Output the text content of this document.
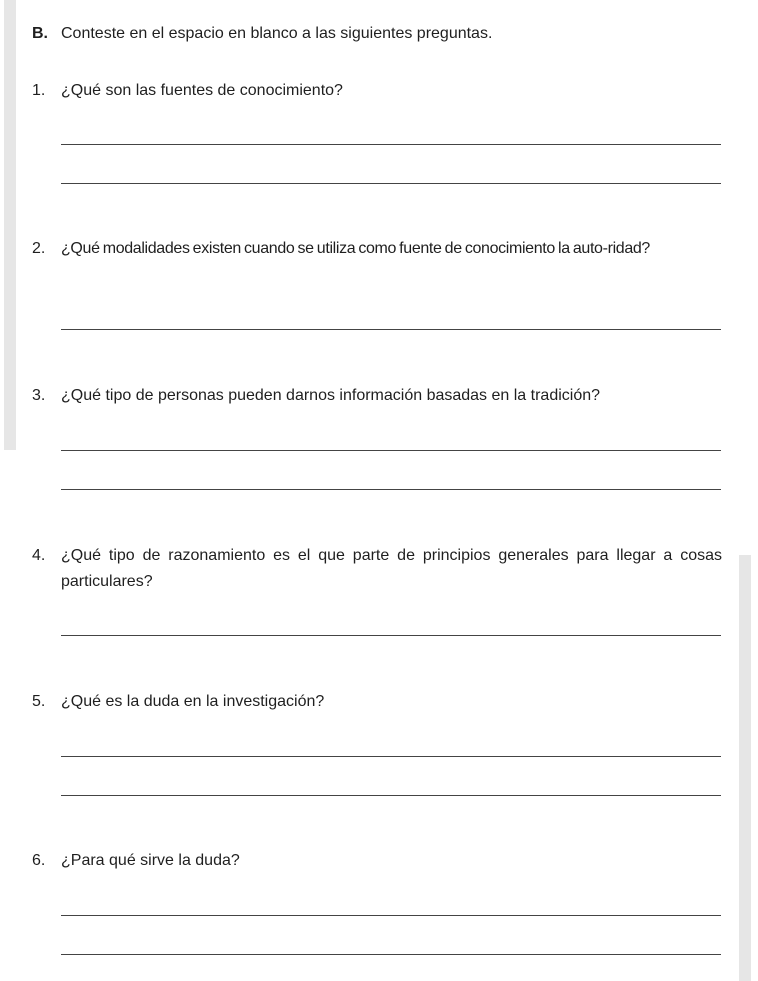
B. Conteste en el espacio en blanco a las siguientes preguntas.
1. ¿Qué son las fuentes de conocimiento?
2. ¿Qué modalidades existen cuando se utiliza como fuente de conocimiento la auto-ridad?
3. ¿Qué tipo de personas pueden darnos información basadas en la tradición?
4. ¿Qué tipo de razonamiento es el que parte de principios generales para llegar a cosas particulares?
5. ¿Qué es la duda en la investigación?
6. ¿Para qué sirve la duda?
